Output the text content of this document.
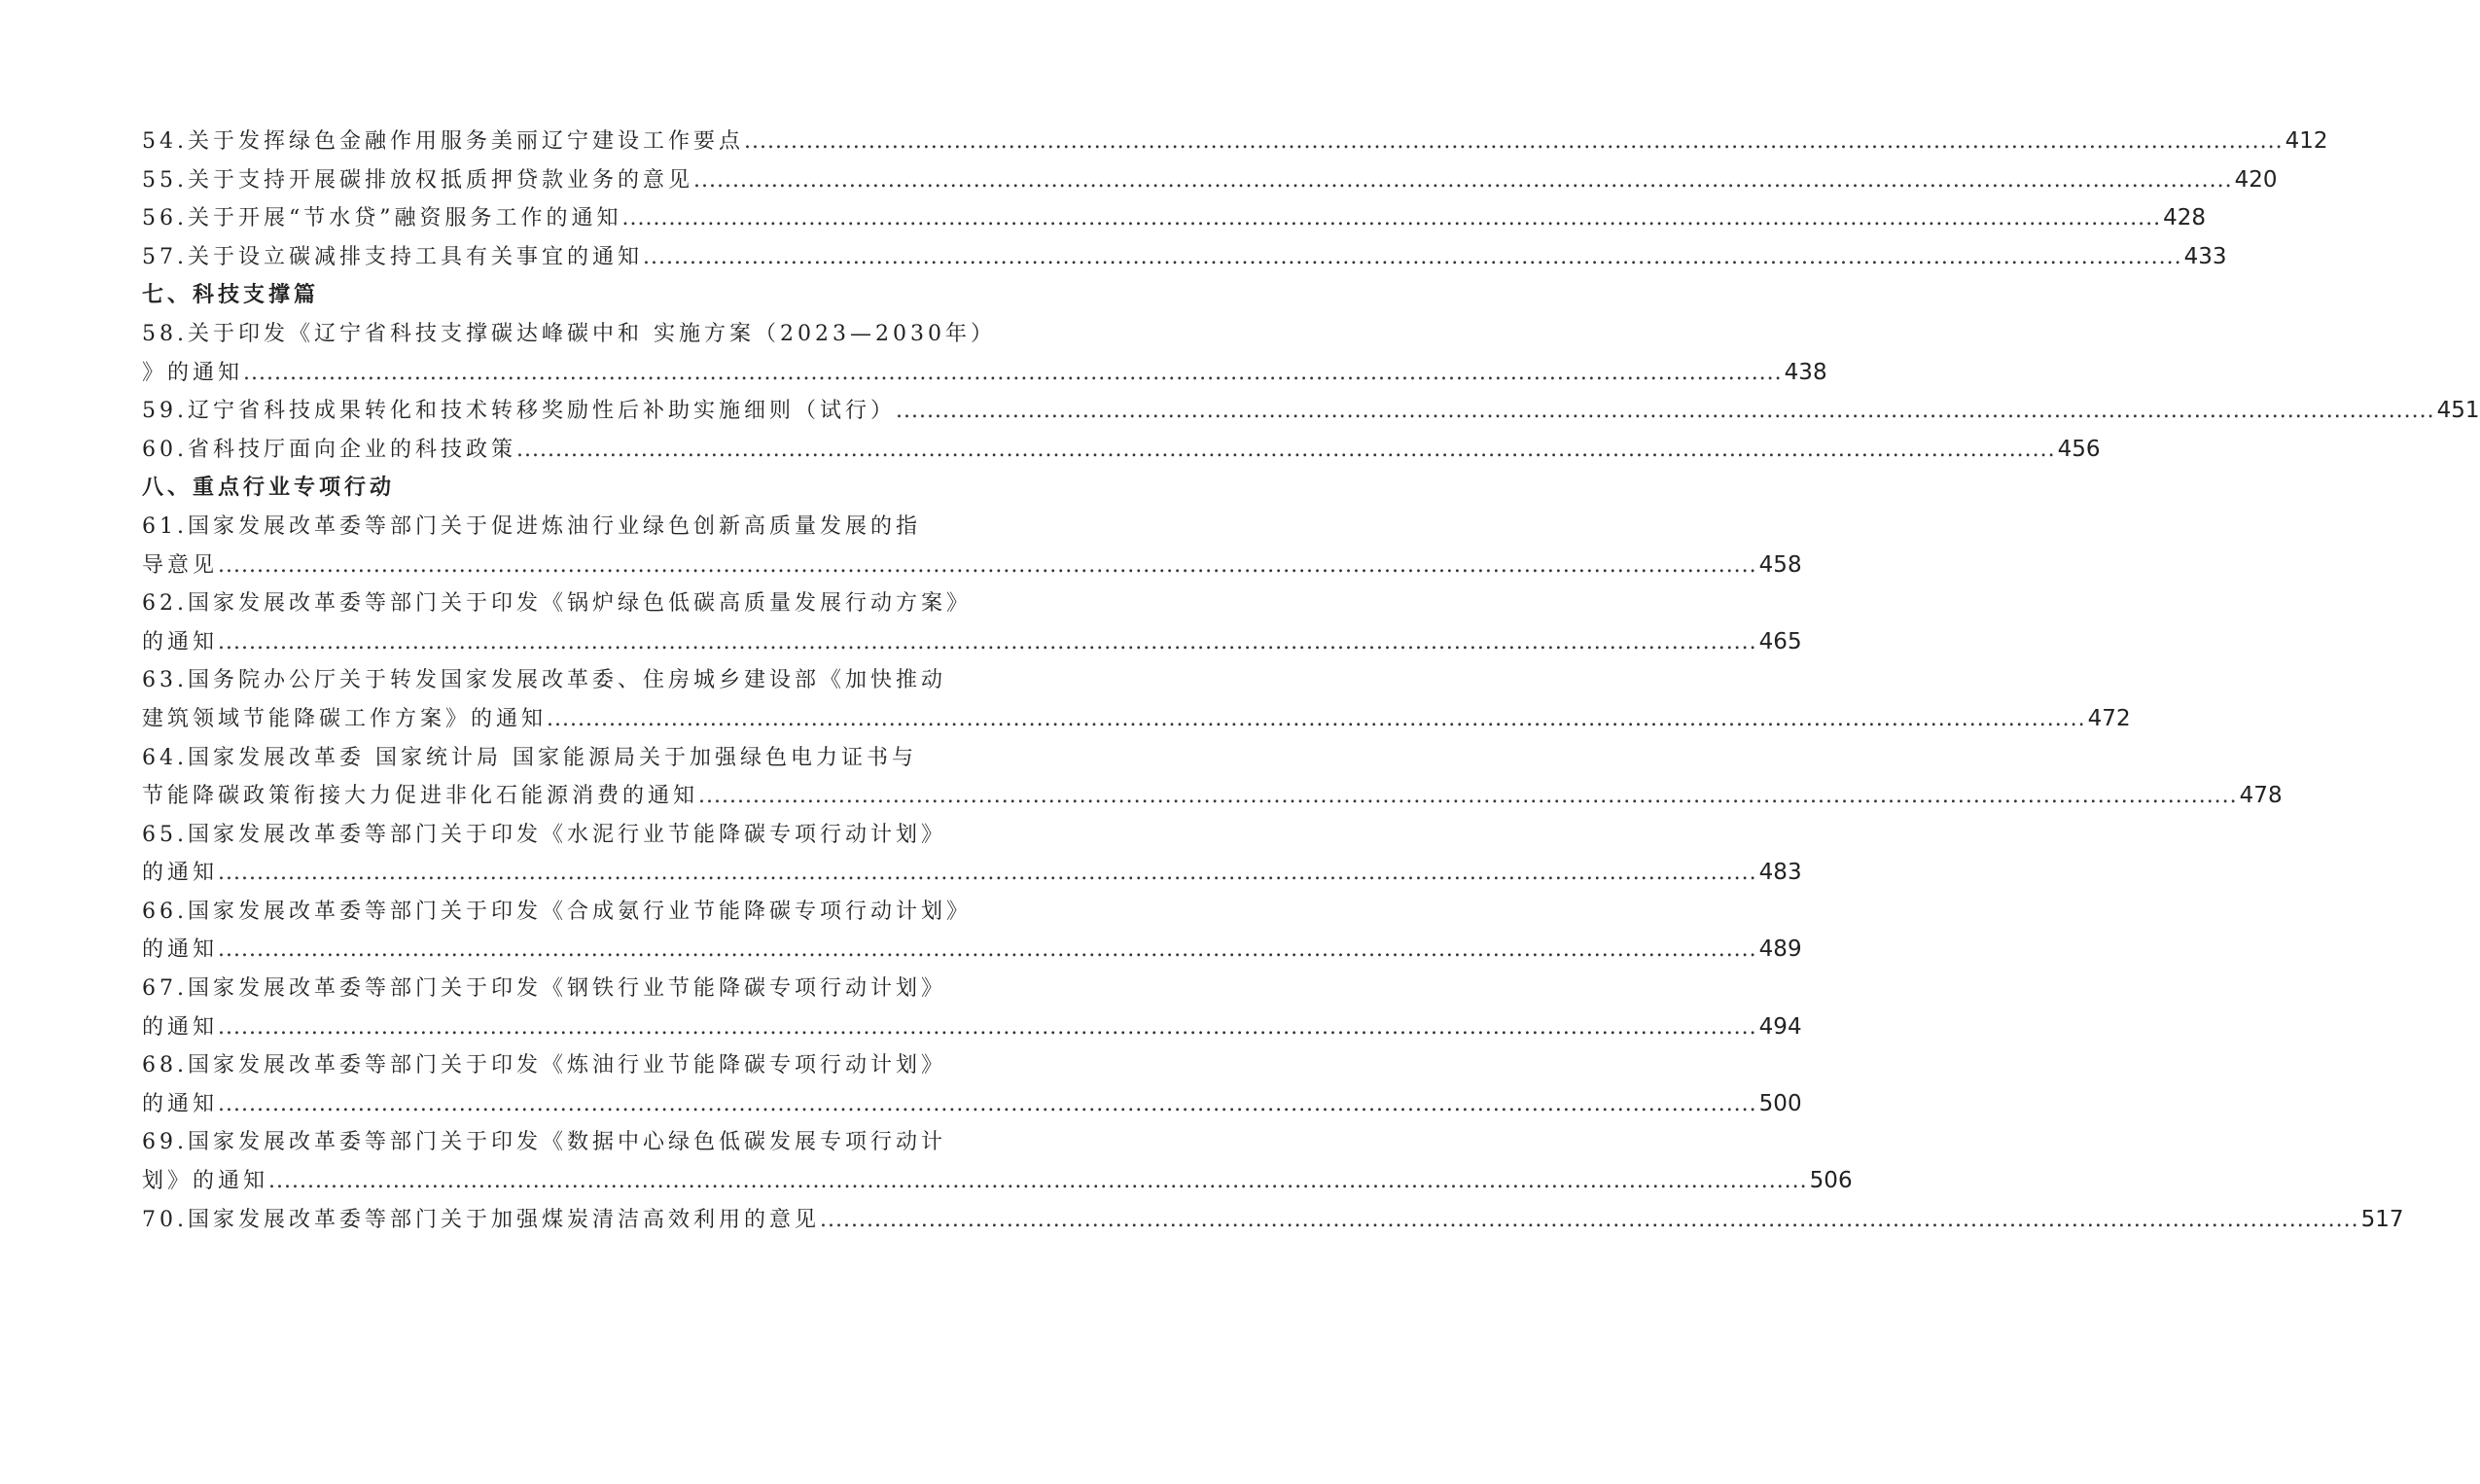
54.关于发挥绿色金融作用服务美丽辽宁建设工作要点 .....	412
55.关于支持开展碳排放权抵质押贷款业务的意见 .....	420
56.关于开展“节水贷”融资服务工作的通知 .....	428
57.关于设立碳减排支持工具有关事宜的通知 .....	433
七、科技支撑篇
58.关于印发《辽宁省科技支撑碳达峰碳中和 实施方案（2023—2030年）
》的通知 .....	438
59.辽宁省科技成果转化和技术转移奖励性后补助实施细则（试行） .....	451
60.省科技厅面向企业的科技政策 .....	456
八、重点行业专项行动
61.国家发展改革委等部门关于促进炼油行业绿色创新高质量发展的指
导意见 .....	458
62.国家发展改革委等部门关于印发《锅炉绿色低碳高质量发展行动方案》
的通知 .....	465
63.国务院办公厅关于转发国家发展改革委、住房城乡建设部《加快推动
建筑领域节能降碳工作方案》的通知 .....	472
64.国家发展改革委 国家统计局 国家能源局关于加强绿色电力证书与
节能降碳政策衔接大力促进非化石能源消费的通知 .....	478
65.国家发展改革委等部门关于印发《水泥行业节能降碳专项行动计划》
的通知 .....	483
66.国家发展改革委等部门关于印发《合成氨行业节能降碳专项行动计划》
的通知 .....	489
67.国家发展改革委等部门关于印发《钢铁行业节能降碳专项行动计划》
的通知 .....	494
68.国家发展改革委等部门关于印发《炼油行业节能降碳专项行动计划》
的通知 .....	500
69.国家发展改革委等部门关于印发《数据中心绿色低碳发展专项行动计
划》的通知 .....	506
70.国家发展改革委等部门关于加强煤炭清洁高效利用的意见 .....	517
